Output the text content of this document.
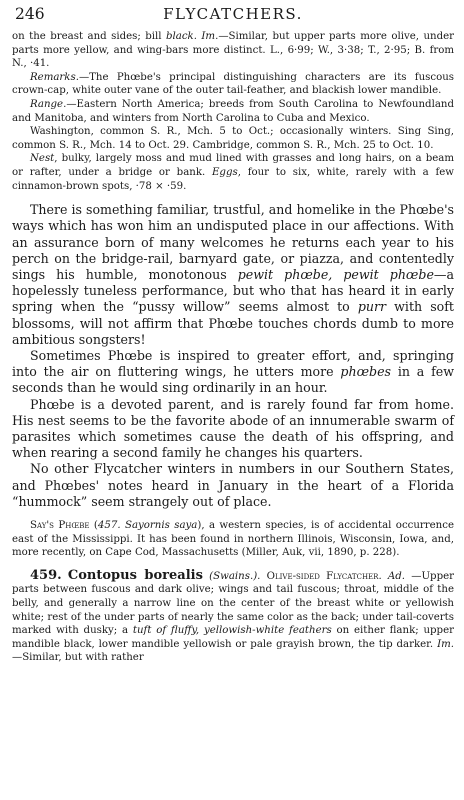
246	FLYCATCHERS.

on the breast and sides; bill black. Im.—Similar, but upper parts more olive, under parts more yellow, and wing-bars more distinct. L., 6·99; W., 3·38; T., 2·95; B. from N., ·41.

Remarks.—The Phœbe's principal distinguishing characters are its fuscous crown-cap, white outer vane of the outer tail-feather, and blackish lower mandible.

Range.—Eastern North America; breeds from South Carolina to Newfoundland and Manitoba, and winters from North Carolina to Cuba and Mexico.

Washington, common S. R., Mch. 5 to Oct.; occasionally winters. Sing Sing, common S. R., Mch. 14 to Oct. 29. Cambridge, common S. R., Mch. 25 to Oct. 10.

Nest, bulky, largely moss and mud lined with grasses and long hairs, on a beam or rafter, under a bridge or bank. Eggs, four to six, white, rarely with a few cinnamon-brown spots, ·78 × ·59.

There is something familiar, trustful, and homelike in the Phœbe's ways which has won him an undisputed place in our affections. With an assurance born of many welcomes he returns each year to his perch on the bridge-rail, barnyard gate, or piazza, and contentedly sings his humble, monotonous pewit phœbe, pewit phœbe—a hopelessly tuneless performance, but who that has heard it in early spring when the “pussy willow” seems almost to purr with soft blossoms, will not affirm that Phœbe touches chords dumb to more ambitious songsters!

Sometimes Phœbe is inspired to greater effort, and, springing into the air on fluttering wings, he utters more phœbes in a few seconds than he would sing ordinarily in an hour.

Phœbe is a devoted parent, and is rarely found far from home. His nest seems to be the favorite abode of an innumerable swarm of parasites which sometimes cause the death of his offspring, and when rearing a second family he changes his quarters.

No other Flycatcher winters in numbers in our Southern States, and Phœbes' notes heard in January in the heart of a Florida “hummock” seem strangely out of place.

Say's Phœbe (457. Sayornis saya), a western species, is of accidental occurrence east of the Mississippi. It has been found in northern Illinois, Wisconsin, Iowa, and, more recently, on Cape Cod, Massachusetts (Miller, Auk, vii, 1890, p. 228).

459. Contopus borealis (Swains.). Olive-sided Flycatcher. Ad. —Upper parts between fuscous and dark olive; wings and tail fuscous; throat, middle of the belly, and generally a narrow line on the center of the breast white or yellowish white; rest of the under parts of nearly the same color as the back; under tail-coverts marked with dusky; a tuft of fluffy, yellowish-white feathers on either flank; upper mandible black, lower mandible yellowish or pale grayish brown, the tip darker. Im.—Similar, but with rather
